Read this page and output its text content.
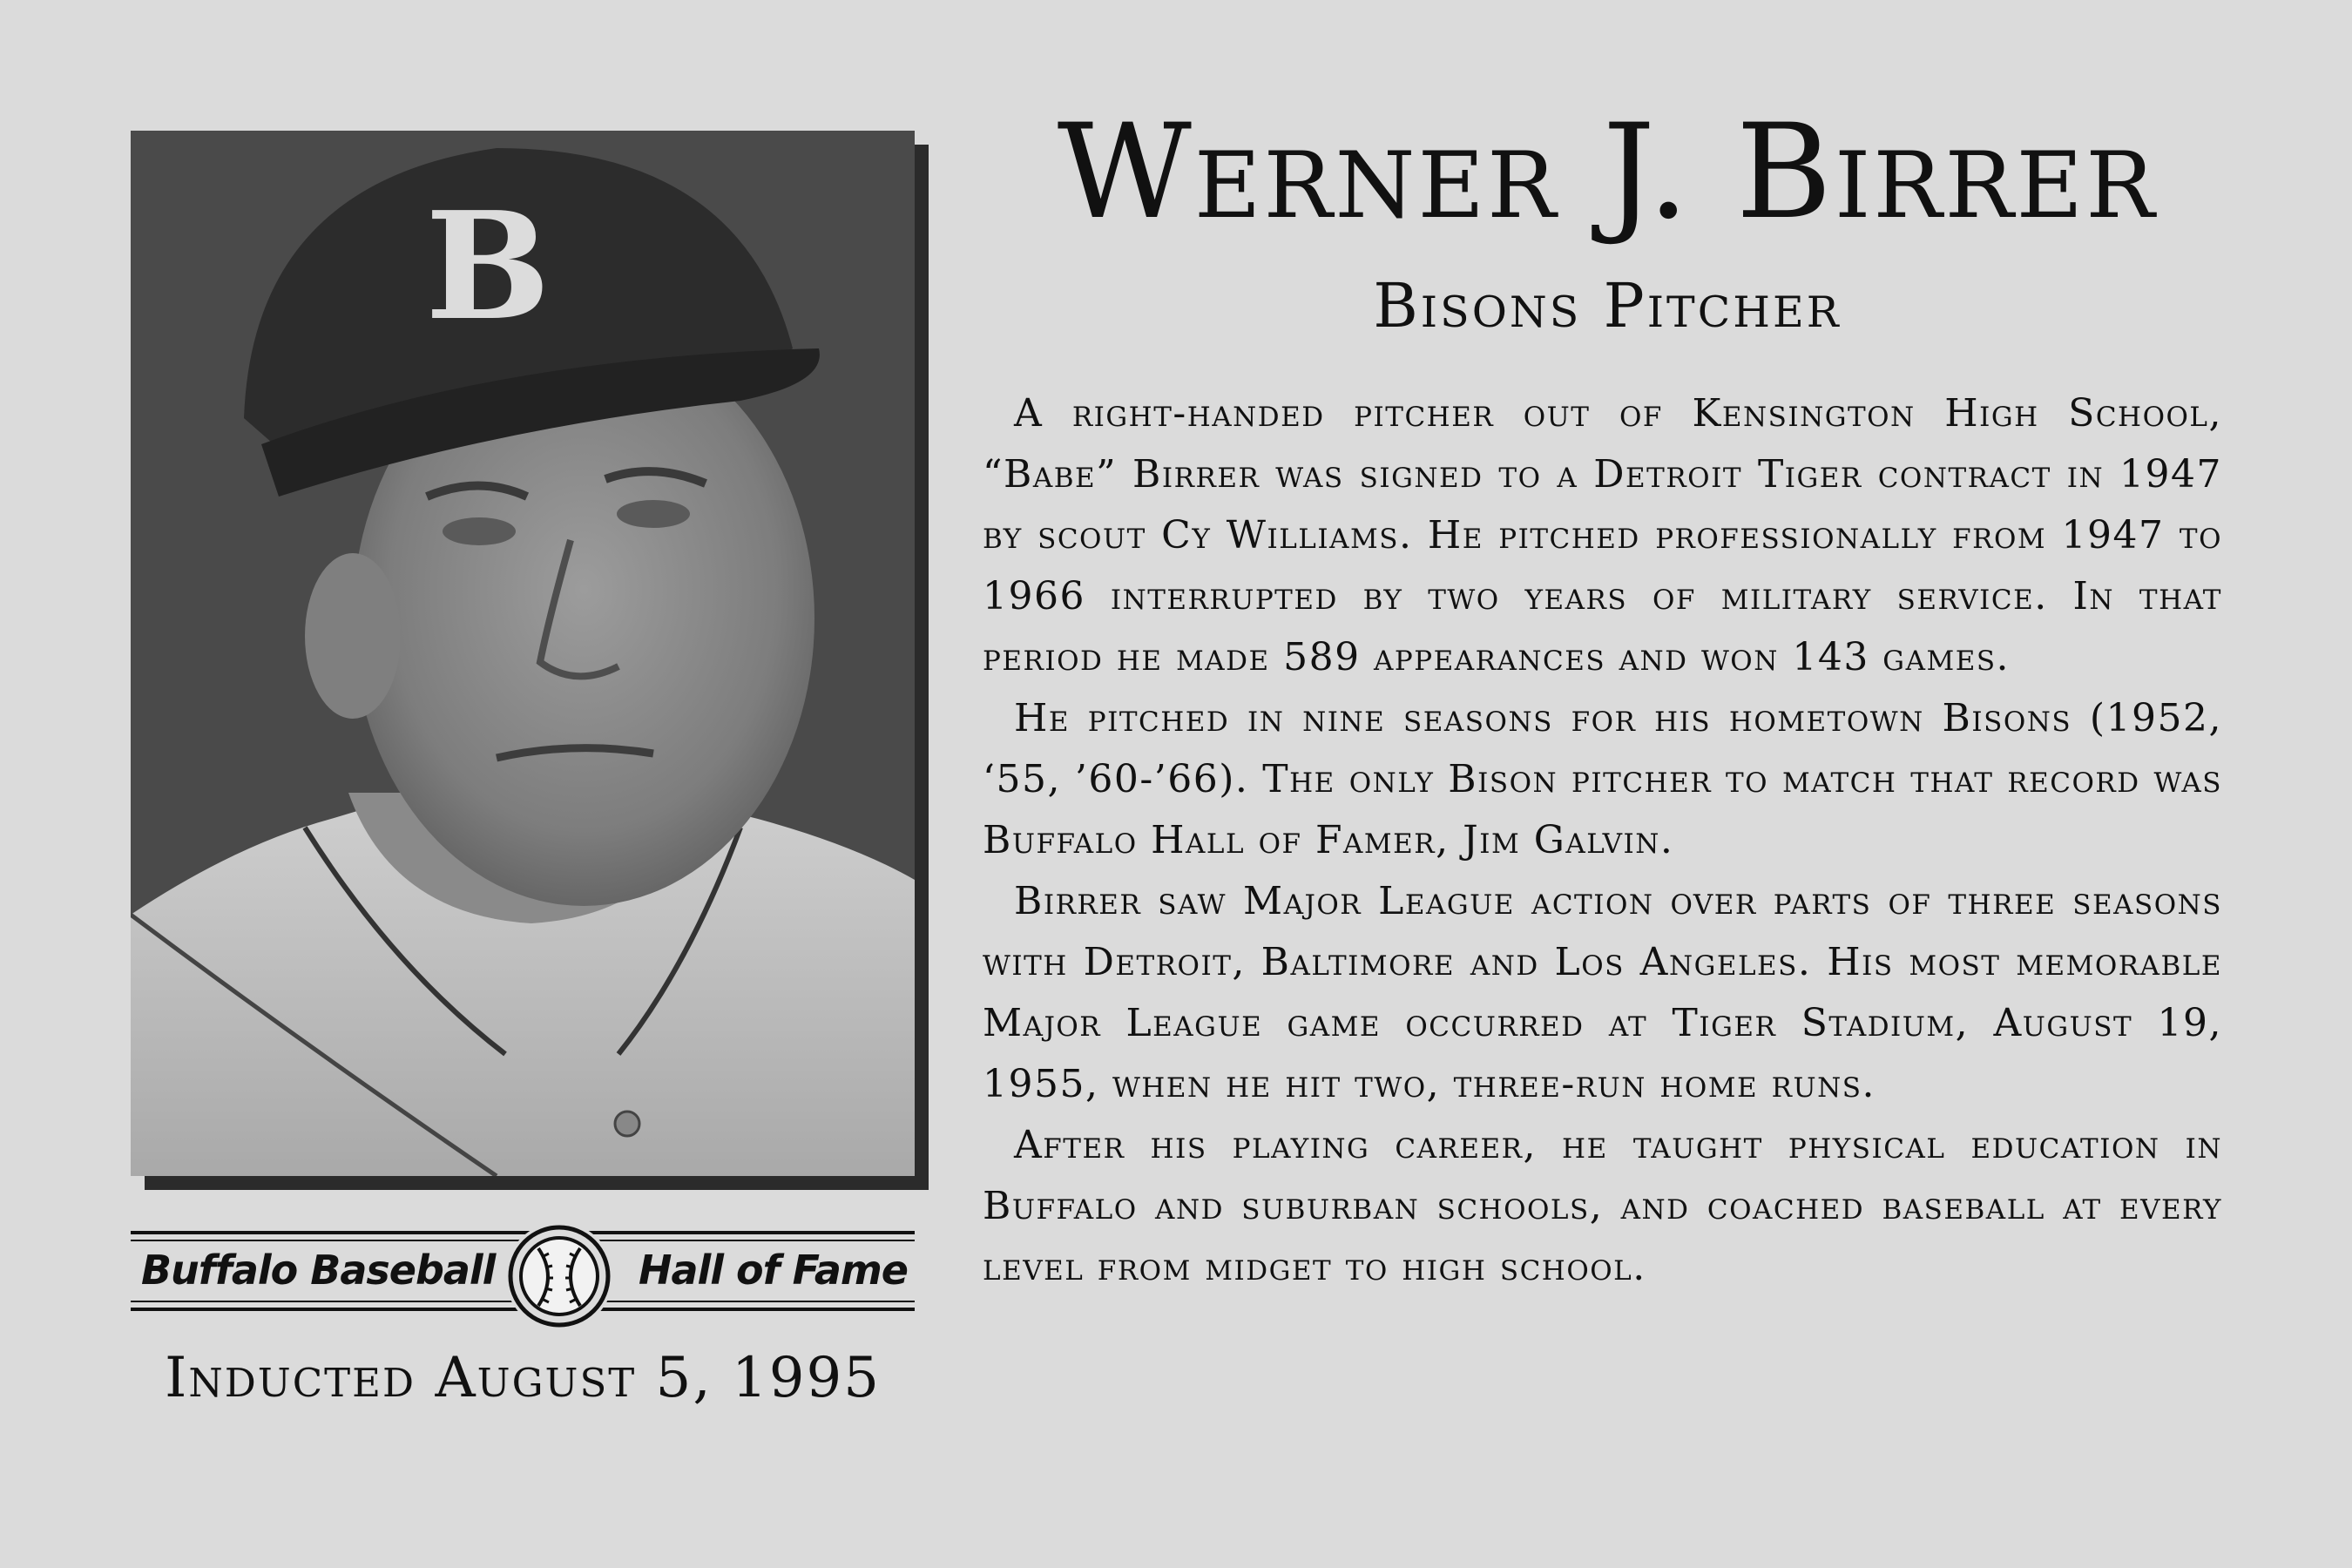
B
Buffalo Baseball	Hall of Fame
Inducted August 5, 1995
Werner J. Birrer
Bisons Pitcher

A right-handed pitcher out of Kensington High School, “Babe” Birrer was signed to a Detroit Tiger contract in 1947 by scout Cy Williams. He pitched professionally from 1947 to 1966 interrupted by two years of military service. In that period he made 589 appearances and won 143 games.

He pitched in nine seasons for his hometown Bisons (1952, ‘55, ’60-’66). The only Bison pitcher to match that record was Buffalo Hall of Famer, Jim Galvin.

Birrer saw Major League action over parts of three seasons with Detroit, Baltimore and Los Angeles. His most memorable Major League game occurred at Tiger Stadium, August 19, 1955, when he hit two, three-run home runs.

After his playing career, he taught physical education in Buffalo and suburban schools, and coached baseball at every level from midget to high school.
